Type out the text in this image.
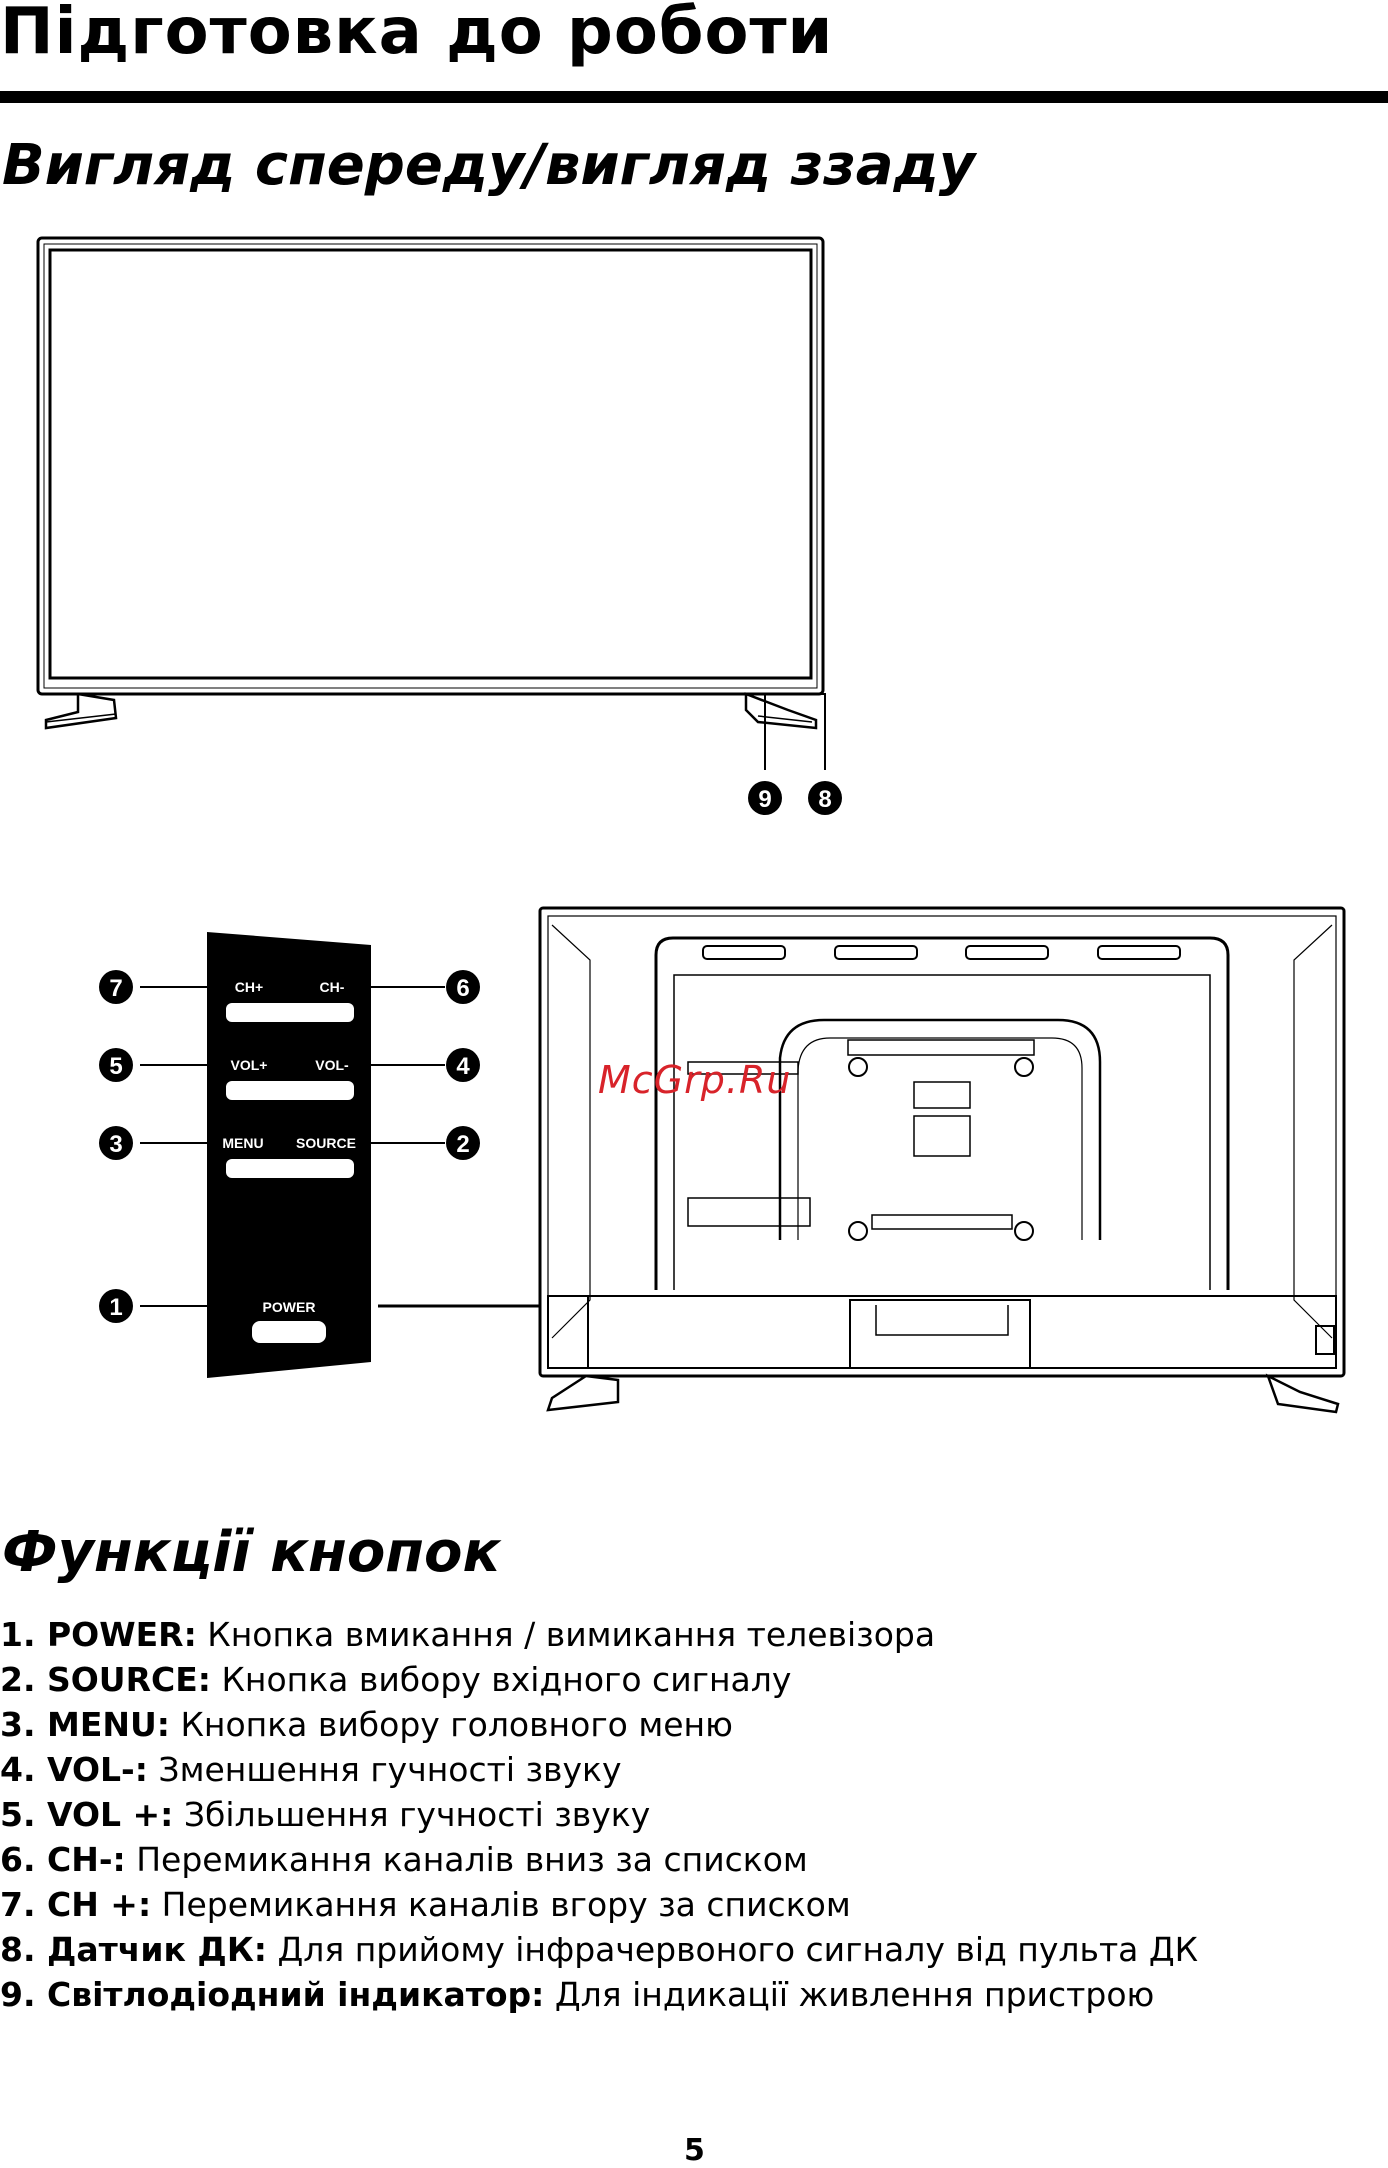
Підготовка до роботи
Вигляд спереду/вигляд ззаду
CH+	CH-
VOL+	VOL-
MENU SOURCE
POWER
1
3
5
7	6
4
2
9 8
McGrp.Ru
Функції кнопок
1. POWER: Кнопка вмикання / вимикання телевізора
2. SOURCE: Кнопка вибору вхідного сигналу
3. MENU: Кнопка вибору головного меню
4. VOL-: Зменшення гучності звуку
5. VOL +: Збільшення гучності звуку
6. CH-: Перемикання каналів вниз за списком
7. CH +: Перемикання каналів вгору за списком
8. Датчик ДК: Для прийому інфрачервоного сигналу від пульта ДК
9. Світлодіодний індикатор: Для індикації живлення пристрою
5
